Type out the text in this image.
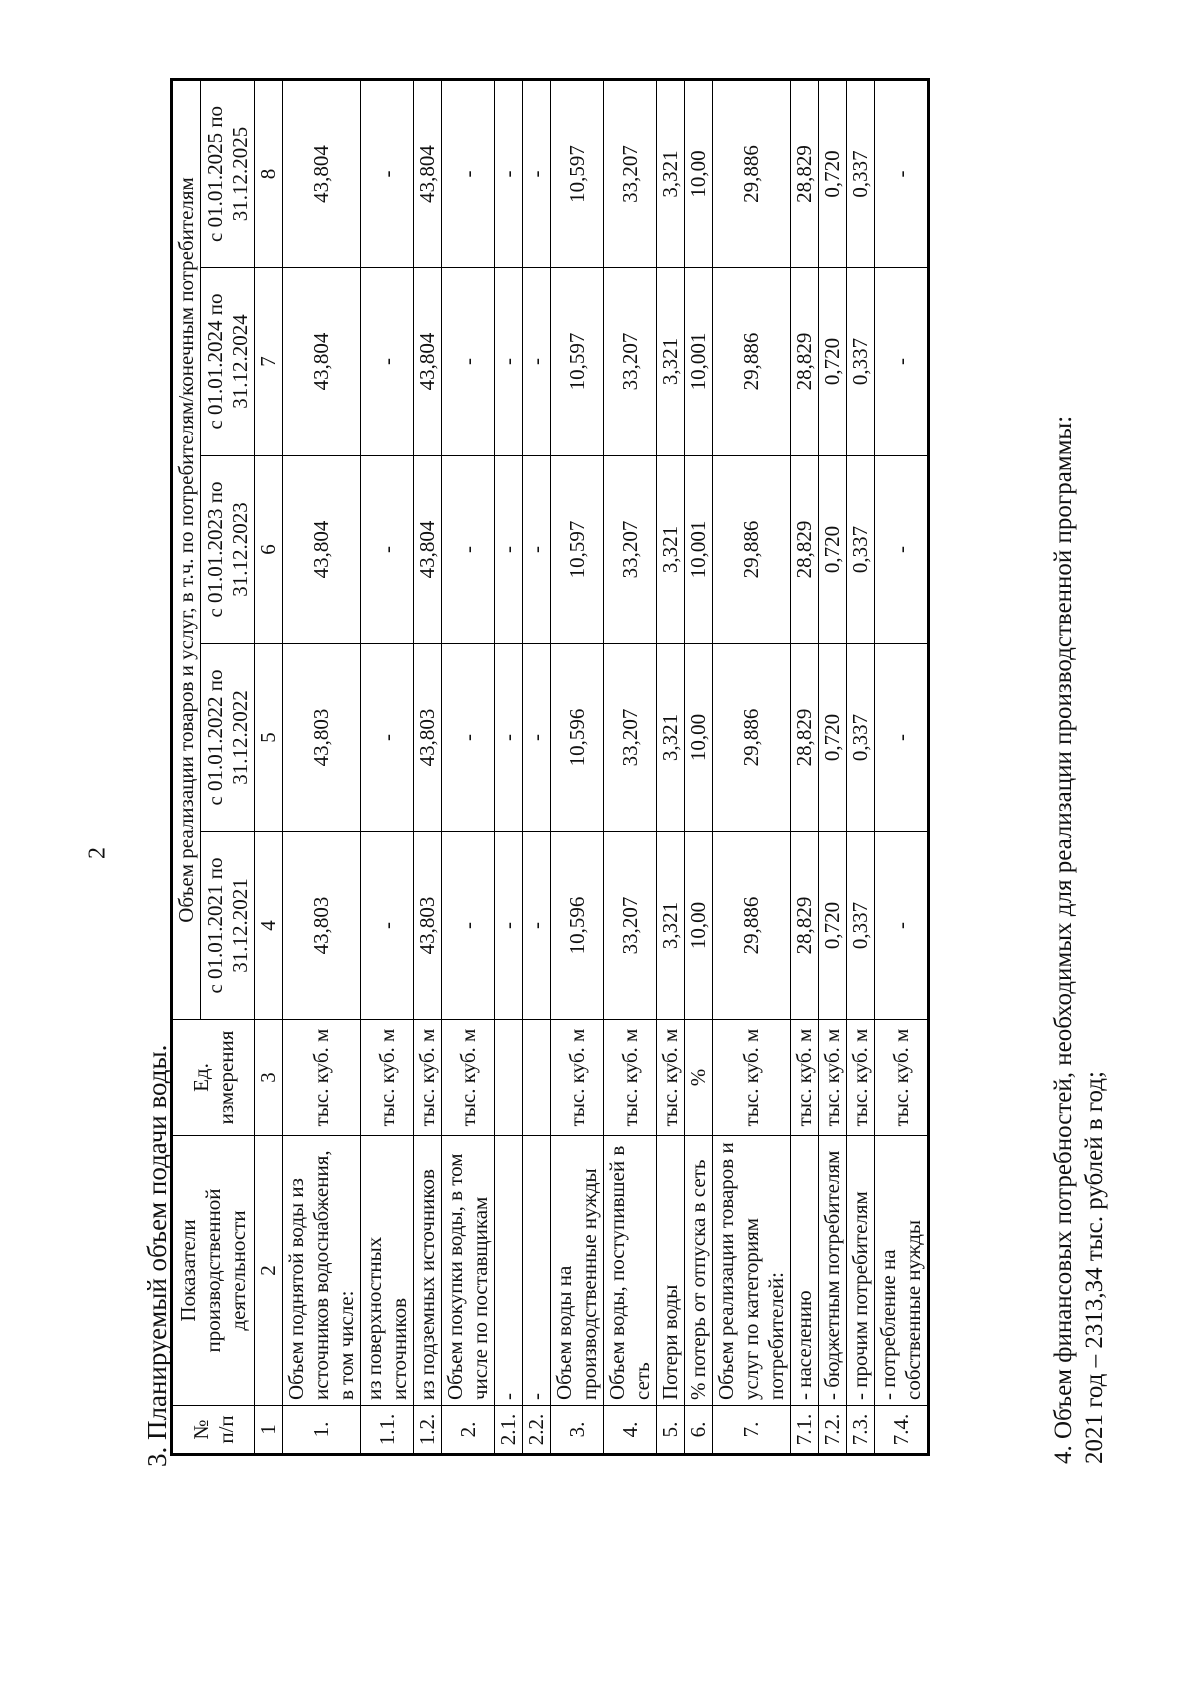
2
3. Планируемый объем подачи воды. № п/п	Показатели производственной деятельности	Ед. измерения	Объем реализации товаров и услуг, в т.ч. по потребителям/конечным потребителям				
			с 01.01.2021 по 31.12.2021	с 01.01.2022 по 31.12.2022	с 01.01.2023 по 31.12.2023	с 01.01.2024 по 31.12.2024	с 01.01.2025 по 31.12.2025
1	2	3	4	5	6	7	8
1.	Объем поднятой воды из источников водоснабжения, в том числе:	тыс. куб. м	43,803	43,803	43,804	43,804	43,804
1.1.	из поверхностных источников	тыс. куб. м	-	-	-	-	-
1.2.	из подземных источников	тыс. куб. м	43,803	43,803	43,804	43,804	43,804
2.	Объем покупки воды, в том числе по поставщикам	тыс. куб. м	-	-	-	-	-
2.1.	-		-	-	-	-	-
2.2.	-		-	-	-	-	-
3.	Объем воды на производственные нужды	тыс. куб. м	10,596	10,596	10,597	10,597	10,597
4.	Объем воды, поступившей в сеть	тыс. куб. м	33,207	33,207	33,207	33,207	33,207
5.	Потери воды	тыс. куб. м	3,321	3,321	3,321	3,321	3,321
6.	% потерь от отпуска в сеть	%	10,00	10,00	10,001	10,001	10,00
7.	Объем реализации товаров и услуг по категориям потребителей:	тыс. куб. м	29,886	29,886	29,886	29,886	29,886
7.1.	- населению	тыс. куб. м	28,829	28,829	28,829	28,829	28,829
7.2.	- бюджетным потребителям	тыс. куб. м	0,720	0,720	0,720	0,720	0,720
7.3.	- прочим потребителям	тыс. куб. м	0,337	0,337	0,337	0,337	0,337
7.4.	- потребление на собственные нужды	тыс. куб. м	-	-	-	-	-
4. Объем финансовых потребностей, необходимых для реализации производственной программы: 2021 год – 2313,34 тыс. рублей в год;
